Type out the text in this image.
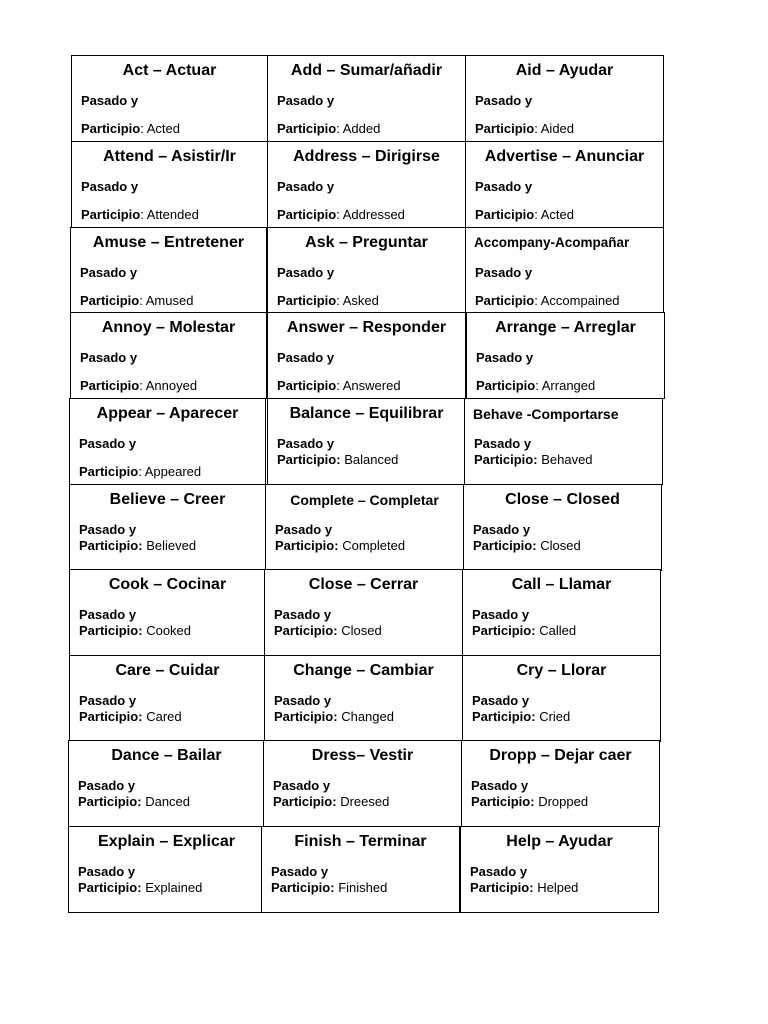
Act – Actuar
Pasado y
Participio: Acted
Add – Sumar/añadir
Pasado y
Participio: Added
Aid – Ayudar
Pasado y
Participio: Aided
Attend – Asistir/Ir
Pasado y
Participio: Attended
Address – Dirigirse
Pasado y
Participio: Addressed
Advertise – Anunciar
Pasado y
Participio: Acted
Amuse – Entretener
Pasado y
Participio: Amused
Ask – Preguntar
Pasado y
Participio: Asked
Accompany-Acompañar
Pasado y
Participio: Accompained
Annoy – Molestar
Pasado y
Participio: Annoyed
Answer – Responder
Pasado y
Participio: Answered
Arrange – Arreglar
Pasado y
Participio: Arranged
Appear – Aparecer
Pasado y
Participio: Appeared
Balance – Equilibrar
Pasado y
Participio: Balanced
Behave -Comportarse
Pasado y
Participio: Behaved
Believe – Creer
Pasado y
Participio: Believed
Complete – Completar
Pasado y
Participio: Completed
Close – Closed
Pasado y
Participio: Closed
Cook – Cocinar
Pasado y
Participio: Cooked
Close – Cerrar
Pasado y
Participio: Closed
Call – Llamar
Pasado y
Participio: Called
Care – Cuidar
Pasado y
Participio: Cared
Change – Cambiar
Pasado y
Participio: Changed
Cry – Llorar
Pasado y
Participio: Cried
Dance – Bailar
Pasado y
Participio: Danced
Dress– Vestir
Pasado y
Participio: Dreesed
Dropp – Dejar caer
Pasado y
Participio: Dropped
Explain – Explicar
Pasado y
Participio: Explained
Finish – Terminar
Pasado y
Participio: Finished
Help – Ayudar
Pasado y
Participio: Helped
